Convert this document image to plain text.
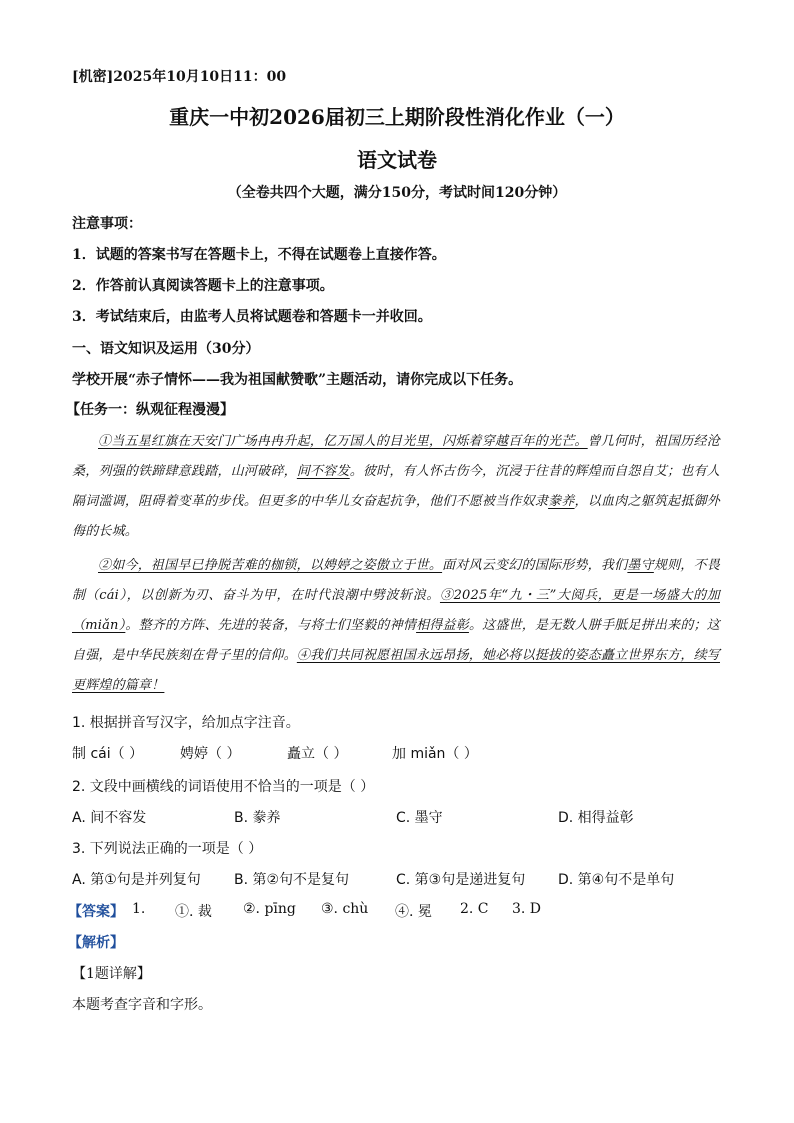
[机密]2025年10月10日11：00
重庆一中初2026届初三上期阶段性消化作业（一）
语文试卷
（全卷共四个大题，满分150分，考试时间120分钟）
注意事项：
1．试题的答案书写在答题卡上，不得在试题卷上直接作答。
2．作答前认真阅读答题卡上的注意事项。
3．考试结束后，由监考人员将试题卷和答题卡一并收回。
一、语文知识及运用（30分）
学校开展“赤子情怀——我为祖国献赞歌”主题活动，请你完成以下任务。
【任务一：纵观征程漫漫】
①当五星红旗在天安门广场冉冉升起，亿万国人的目光里，闪烁着穿越百年的光芒。曾几何时，祖国历经沧桑，列强的铁蹄肆意践踏，山河破碎，间不容发。彼时，有人怀古伤今，沉浸于往昔的辉煌而自怨自艾；也有人隔词滥调，阻碍着变革的步伐。但更多的中华儿女奋起抗争，他们不愿被当作奴隶豢养，以血肉之躯筑起抵御外侮的长城。
②如今，祖国早已挣脱苦难的枷锁，以娉婷之姿傲立于世。面对风云变幻的国际形势，我们墨守规则，不畏制（cái），以创新为刃、奋斗为甲，在时代浪潮中劈波斩浪。③2025年“九・三”大阅兵，更是一场盛大的加（miǎn）。整齐的方阵、先进的装备，与将士们坚毅的神情相得益彰。这盛世，是无数人胼手胝足拼出来的；这自强，是中华民族刻在骨子里的信仰。④我们共同祝愿祖国永远昂扬，她必将以挺拔的姿态矗立世界东方，续写更辉煌的篇章！
1. 根据拼音写汉字，给加点字注音。
制 cái（ ）	娉婷（ ）	矗立（ ）	加 miǎn（ ）
2. 文段中画横线的词语使用不恰当的一项是（ ）
A. 间不容发	B. 豢养	C. 墨守	D. 相得益彰
3. 下列说法正确的一项是（ ）
A. 第①句是并列复句 B. 第②句不是复句	C. 第③句是递进复句 D. 第④句不是单句
【答案】 1. ①. 裁 ②. pīng ③. chù ④. 冕 2. C 3. D
【解析】
【1题详解】
本题考查字音和字形。
